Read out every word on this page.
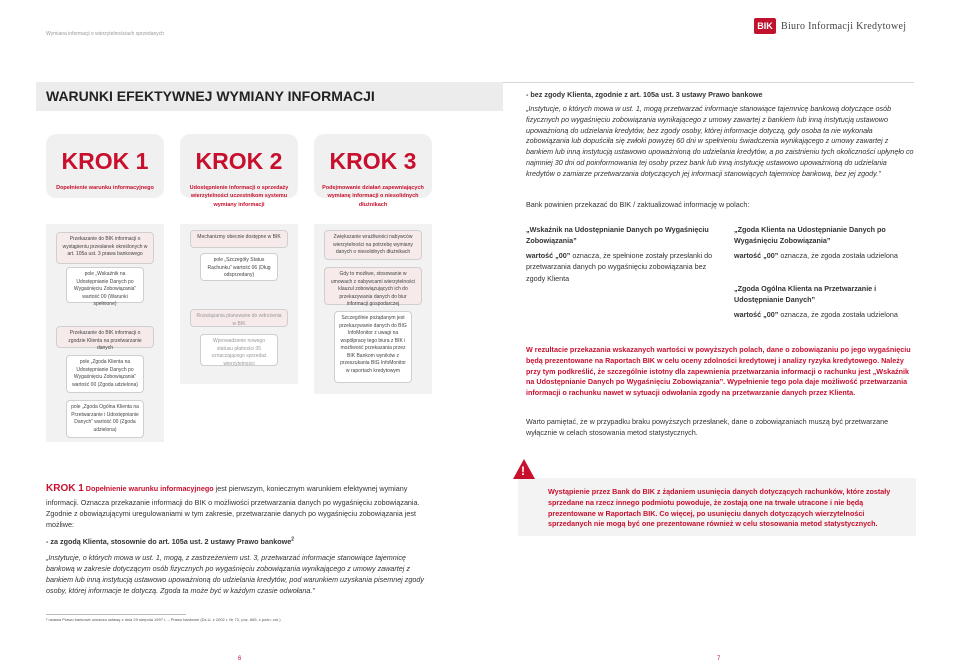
Wymiana informacji o wierzytelnościach sprzedanych
BIK Biuro Informacji Kredytowej
WARUNKI EFEKTYWNEJ WYMIANY INFORMACJI
KROK 1	KROK 2	KROK 3
Dopełnienie warunku informacyjnego	Udostępnienie informacji o sprzedaży wierzytelności uczestnikom systemu wymiany informacji
Podejmowanie działań zapewniających wymianę informacji o niesolidnych dłużnikach
Przekazanie do BIK informacji o wystąpieniu przesłanek określonych w art. 105a ust. 3 prawa bankowego
pole „Wskaźnik na Udostępnianie Danych po Wygaśnięciu Zobowiązania” wartość 00 (Warunki spełnione)
Przekazanie do BIK informacji o zgodzie Klienta na przetwarzanie danych
pole „Zgoda Klienta na Udostępnianie Danych po Wygaśnięciu Zobowiązania” wartość 00 (Zgoda udzielona)
pole „Zgoda Ogólna Klienta na Przetwarzanie i Udostępnianie Danych” wartość 00 (Zgoda udzielona)
Mechanizmy obecnie dostępne w BIK
pole „Szczegóły Status Rachunku” wartość 06 (Dług odsprzedany)
Rozwiązania planowane do wdrożenia w BIK
Wprowadzenie nowego statusu płatności 05 oznaczającego sprzedaż wierzytelności
Zwiększanie wrażliwości nabywców wierzytelności na potrzebę wymiany danych o niesolidnych dłużnikach
Gdy to możliwe, stosowanie w umowach z nabywcami wierzytelności klauzul zobowiązujących ich do przekazywania danych do biur informacji gospodarczej
Szczególnie pożądanym jest przekazywanie danych do BIG InfoMonitor z uwagi na współpracę tego biura z BIK i możliwość przekazania przez BIK Bankom wyników z przeszukania BIG InfoMonitor w raportach kredytowym
KROK 1 Dopełnienie warunku informacyjnego jest pierwszym, koniecznym warunkiem efektywnej wymiany informacji. Oznacza przekazanie informacji do BIK o możliwości przetwarzania danych po wygaśnięciu zobowiązania. Zgodnie z obowiązującymi uregulowaniami w tym zakresie, przetwarzanie danych po wygaśnięciu zobowiązania jest możliwe:
- za zgodą Klienta, stosownie do art. 105a ust. 2 ustawy Prawo bankowe$^2$
„Instytucje, o których mowa w ust. 1, mogą, z zastrzeżeniem ust. 3, przetwarzać informacje stanowiące tajemnicę bankową w zakresie dotyczącym osób fizycznych po wygaśnięciu zobowiązania wynikającego z umowy zawartej z bankiem lub inną instytucją ustawowo upoważnioną do udzielania kredytów, pod warunkiem uzyskania pisemnej zgody osoby, której informacje te dotyczą. Zgoda ta może być w każdym czasie odwołana.”
² ustawa Prawo bankowe oznacza ustawę z dnia 29 sierpnia 1997 r. – Prawo bankowe (Dz.U. z 2002 r. Nr 72, poz. 665, z późn. zm.)
6
- bez zgody Klienta, zgodnie z art. 105a ust. 3 ustawy Prawo bankowe
„Instytucje, o których mowa w ust. 1, mogą przetwarzać informacje stanowiące tajemnicę bankową dotyczące osób fizycznych po wygaśnięciu zobowiązania wynikającego z umowy zawartej z bankiem lub inną instytucją ustawowo upoważnioną do udzielania kredytów, bez zgody osoby, której informacje dotyczą, gdy osoba ta nie wykonała zobowiązania lub dopuściła się zwłoki powyżej 60 dni w spełnieniu świadczenia wynikającego z umowy zawartej z bankiem lub inną instytucją ustawowo upoważnioną do udzielania kredytów, a po zaistnieniu tych okoliczności upłynęło co najmniej 30 dni od poinformowania tej osoby przez bank lub inną instytucję ustawowo upoważnioną do udzielania kredytów o zamiarze przetwarzania dotyczących jej informacji stanowiących tajemnicę bankową, bez jej zgody.”
Bank powinien przekazać do BIK / zaktualizować informację w polach:
„Wskaźnik na Udostępnianie Danych po Wygaśnięciu Zobowiązania”
wartość „00” oznacza, że spełnione zostały przesłanki do przetwarzania danych po wygaśnięciu zobowiązania bez zgody Klienta
„Zgoda Klienta na Udostępnianie Danych po Wygaśnięciu Zobowiązania”
wartość „00” oznacza, że zgoda została udzielona
„Zgoda Ogólna Klienta na Przetwarzanie i Udostępnianie Danych”
wartość „00” oznacza, że zgoda została udzielona
W rezultacie przekazania wskazanych wartości w powyższych polach, dane o zobowiązaniu po jego wygaśnięciu będą prezentowane na Raportach BIK w celu oceny zdolności kredytowej i analizy ryzyka kredytowego. Należy przy tym podkreślić, że szczególnie istotny dla zapewnienia przetwarzania informacji o rachunku jest „Wskaźnik na Udostępnianie Danych po Wygaśnięciu Zobowiązania”. Wypełnienie tego pola daje możliwość przetwarzania informacji o rachunku nawet w sytuacji odwołania zgody na przetwarzanie danych przez Klienta.
Warto pamiętać, że w przypadku braku powyższych przesłanek, dane o zobowiązaniach muszą być przetwarzane wyłącznie w celach stosowania metod statystycznych.
!
Wystąpienie przez Bank do BIK z żądaniem usunięcia danych dotyczących rachunków, które zostały sprzedane na rzecz innego podmiotu powoduje, że zostają one na trwałe utracone i nie będą prezentowane w Raportach BIK. Co więcej, po usunięciu danych dotyczących wierzytelności sprzedanych nie mogą być one prezentowane również w celu stosowania metod statystycznych.
7
